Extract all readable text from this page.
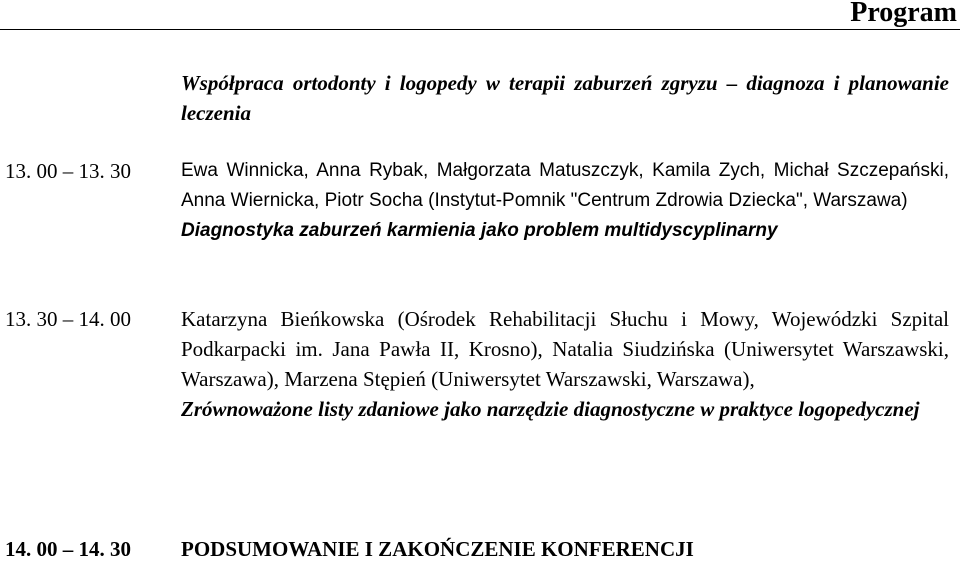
Program
Współpraca ortodonty i logopedy w terapii zaburzeń zgryzu – diagnoza i planowanie leczenia
13. 00 – 13. 30	Ewa Winnicka, Anna Rybak, Małgorzata Matuszczyk, Kamila Zych, Michał Szczepański, Anna Wiernicka, Piotr Socha (Instytut-Pomnik "Centrum Zdrowia Dziecka", Warszawa)
Diagnostyka zaburzeń karmienia jako problem multidyscyplinarny
13. 30 – 14. 00 Katarzyna Bieńkowska (Ośrodek Rehabilitacji Słuchu i Mowy, Wojewódzki Szpital Podkarpacki im. Jana Pawła II, Krosno), Natalia Siudzińska (Uniwersytet Warszawski, Warszawa), Marzena Stępień (Uniwersytet Warszawski, Warszawa),
Zrównoważone listy zdaniowe jako narzędzie diagnostyczne w praktyce logopedycznej
14. 00 – 14. 30 PODSUMOWANIE I ZAKOŃCZENIE KONFERENCJI
